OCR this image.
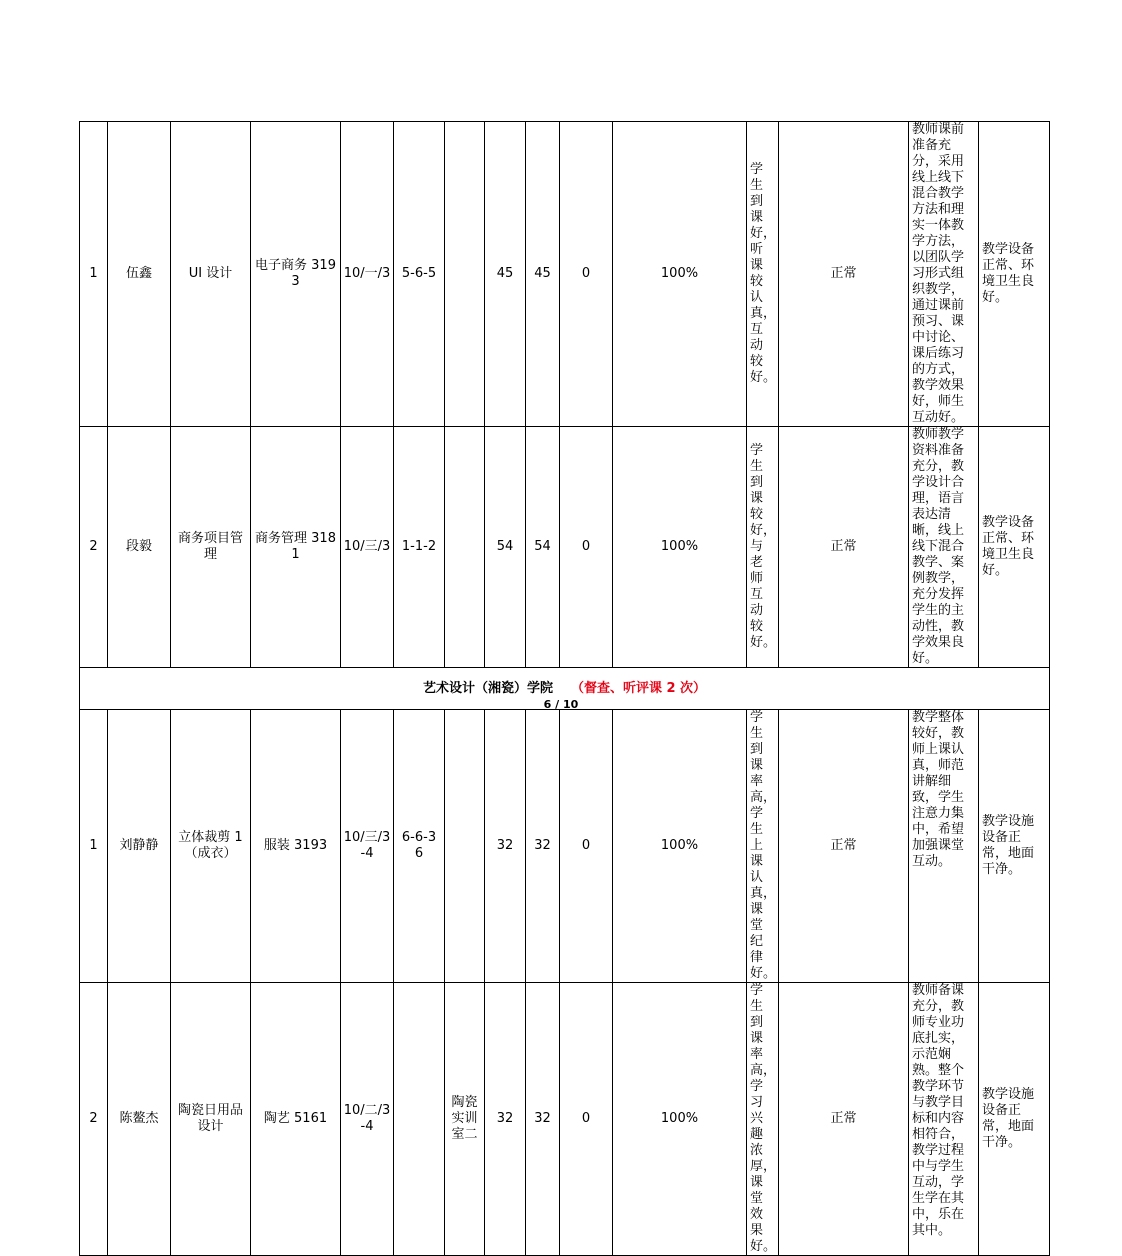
1	伍鑫	UI 设计	电子商务 3193	10/一/3	5-6-5		45	45	0	100%	学生到课好，听课较认真，互动较好。	正常	教师课前准备充分，采用线上线下混合教学方法和理实一体教学方法，以团队学习形式组织教学，通过课前预习、课中讨论、课后练习的方式，教学效果好，师生互动好。	教学设备正常、环境卫生良好。	
2	段毅	商务项目管理	商务管理 3181	10/三/3	1-1-2		54	54	0	100%	学生到课较好，与老师互动较好。	正常	教师教学资料准备充分，教学设计合理，语言表达清晰，线上线下混合教学、案例教学，充分发挥学生的主动性，教学效果良好。	教学设备正常、环境卫生良好。	
艺术设计（湘瓷）学院 （督查、听评课 2 次）															
1	刘静静	立体裁剪 1（成衣）	服装 3193	10/三/3-4	6-6-3 6		32	32	0	100%	学生到课率高，学生上课认真，课堂纪律好。	正常	教学整体较好，教师上课认真，师范讲解细致，学生注意力集中，希望加强课堂互动。	教学设施设备正常，地面干净。	
2	陈鳌杰	陶瓷日用品设计	陶艺 5161	10/二/3-4		陶瓷实训室二	32	32	0	100%	学生到课率高，学习兴趣浓厚，课堂效果好。	正常	教师备课充分，教师专业功底扎实，示范娴熟。整个教学环节与教学目标和内容相符合，教学过程中与学生互动，学生学在其中，乐在其中。	教学设施设备正常，地面干净。	
6 / 10
